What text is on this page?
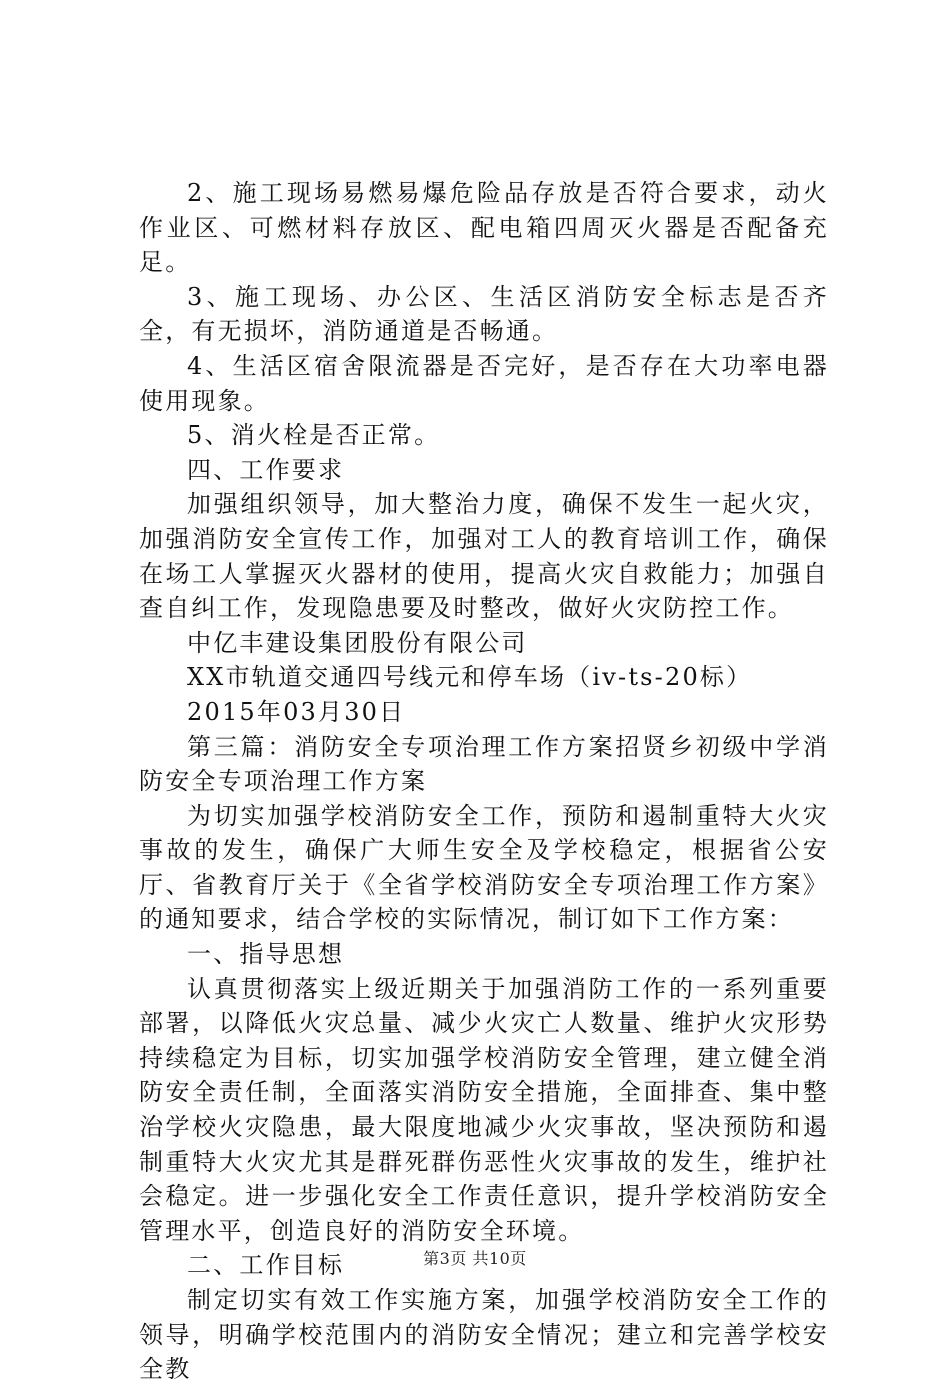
2、施工现场易燃易爆危险品存放是否符合要求，动火作业区、可燃材料存放区、配电箱四周灭火器是否配备充足。

3、施工现场、办公区、生活区消防安全标志是否齐全，有无损坏，消防通道是否畅通。

4、生活区宿舍限流器是否完好，是否存在大功率电器使用现象。

5、消火栓是否正常。

四、工作要求

加强组织领导，加大整治力度，确保不发生一起火灾，加强消防安全宣传工作，加强对工人的教育培训工作，确保在场工人掌握灭火器材的使用，提高火灾自救能力；加强自查自纠工作，发现隐患要及时整改，做好火灾防控工作。

中亿丰建设集团股份有限公司

XX市轨道交通四号线元和停车场（iv-ts-20标）

2015年03月30日

第三篇：消防安全专项治理工作方案招贤乡初级中学消防安全专项治理工作方案

为切实加强学校消防安全工作，预防和遏制重特大火灾事故的发生，确保广大师生安全及学校稳定，根据省公安厅、省教育厅关于《全省学校消防安全专项治理工作方案》的通知要求，结合学校的实际情况，制订如下工作方案：

一、指导思想

认真贯彻落实上级近期关于加强消防工作的一系列重要部署，以降低火灾总量、减少火灾亡人数量、维护火灾形势持续稳定为目标，切实加强学校消防安全管理，建立健全消防安全责任制，全面落实消防安全措施，全面排查、集中整治学校火灾隐患，最大限度地减少火灾事故，坚决预防和遏制重特大火灾尤其是群死群伤恶性火灾事故的发生，维护社会稳定。进一步强化安全工作责任意识，提升学校消防安全管理水平，创造良好的消防安全环境。

二、工作目标

制定切实有效工作实施方案，加强学校消防安全工作的领导，明确学校范围内的消防安全情况；建立和完善学校安全教

第3页 共10页
